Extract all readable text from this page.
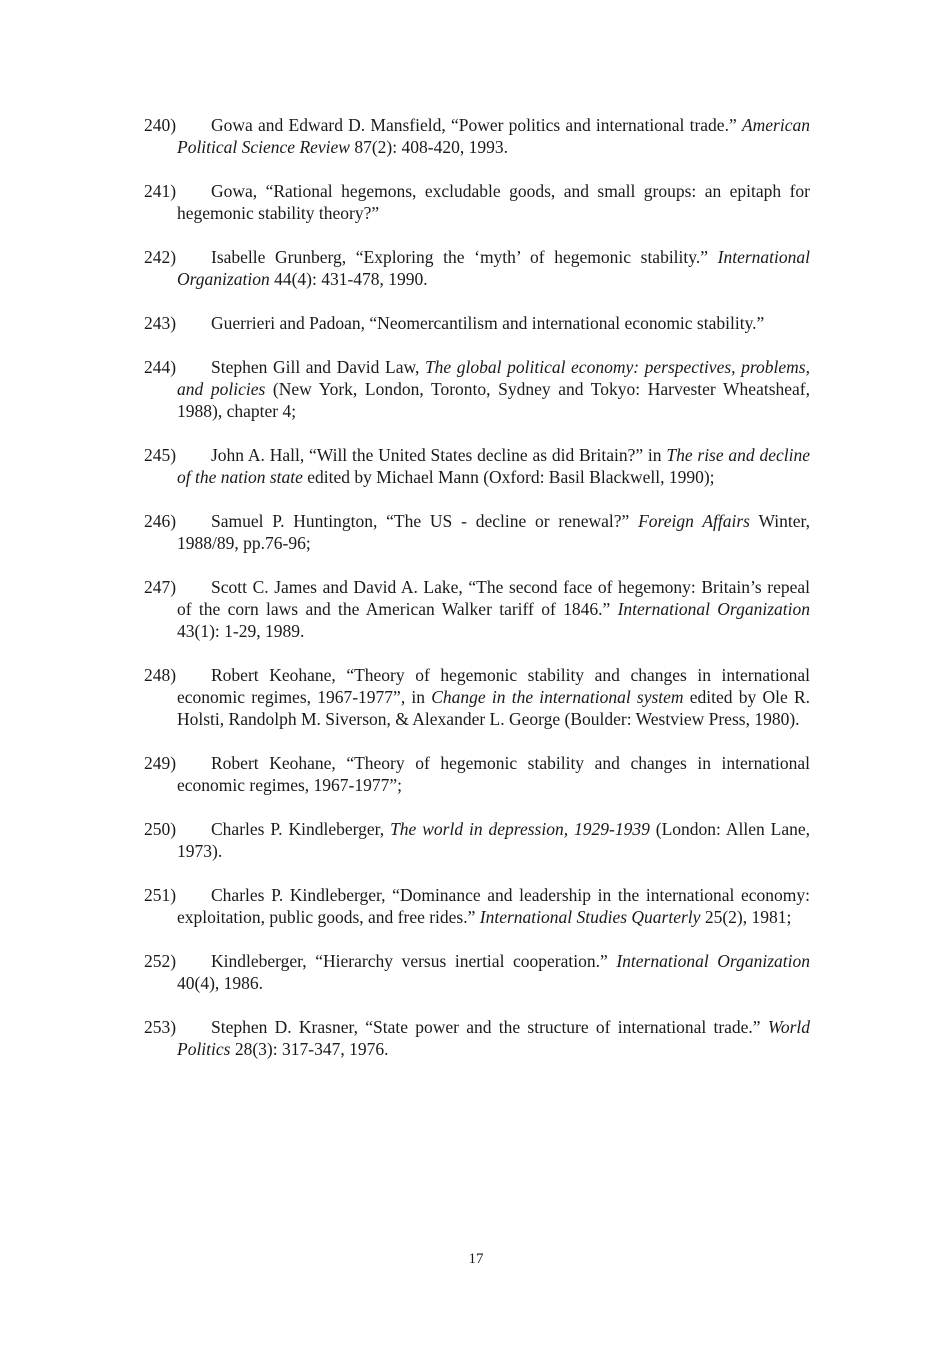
240) Gowa and Edward D. Mansfield, “Power politics and international trade.” American Political Science Review 87(2): 408-420, 1993.
241) Gowa, “Rational hegemons, excludable goods, and small groups: an epitaph for hegemonic stability theory?”
242) Isabelle Grunberg, “Exploring the ‘myth’ of hegemonic stability.” International Organization 44(4): 431-478, 1990.
243) Guerrieri and Padoan, “Neomercantilism and international economic stability.”
244) Stephen Gill and David Law, The global political economy: perspectives, problems, and policies (New York, London, Toronto, Sydney and Tokyo: Harvester Wheatsheaf, 1988), chapter 4;
245) John A. Hall, “Will the United States decline as did Britain?” in The rise and decline of the nation state edited by Michael Mann (Oxford: Basil Blackwell, 1990);
246) Samuel P. Huntington, “The US - decline or renewal?” Foreign Affairs Winter, 1988/89, pp.76-96;
247) Scott C. James and David A. Lake, “The second face of hegemony: Britain’s repeal of the corn laws and the American Walker tariff of 1846.” International Organization 43(1): 1-29, 1989.
248) Robert Keohane, “Theory of hegemonic stability and changes in international economic regimes, 1967-1977”, in Change in the international system edited by Ole R. Holsti, Randolph M. Siverson, & Alexander L. George (Boulder: Westview Press, 1980).
249) Robert Keohane, “Theory of hegemonic stability and changes in international economic regimes, 1967-1977”;
250) Charles P. Kindleberger, The world in depression, 1929-1939 (London: Allen Lane, 1973).
251) Charles P. Kindleberger, “Dominance and leadership in the international economy: exploitation, public goods, and free rides.” International Studies Quarterly 25(2), 1981;
252) Kindleberger, “Hierarchy versus inertial cooperation.” International Organization 40(4), 1986.
253) Stephen D. Krasner, “State power and the structure of international trade.” World Politics 28(3): 317-347, 1976.
17
